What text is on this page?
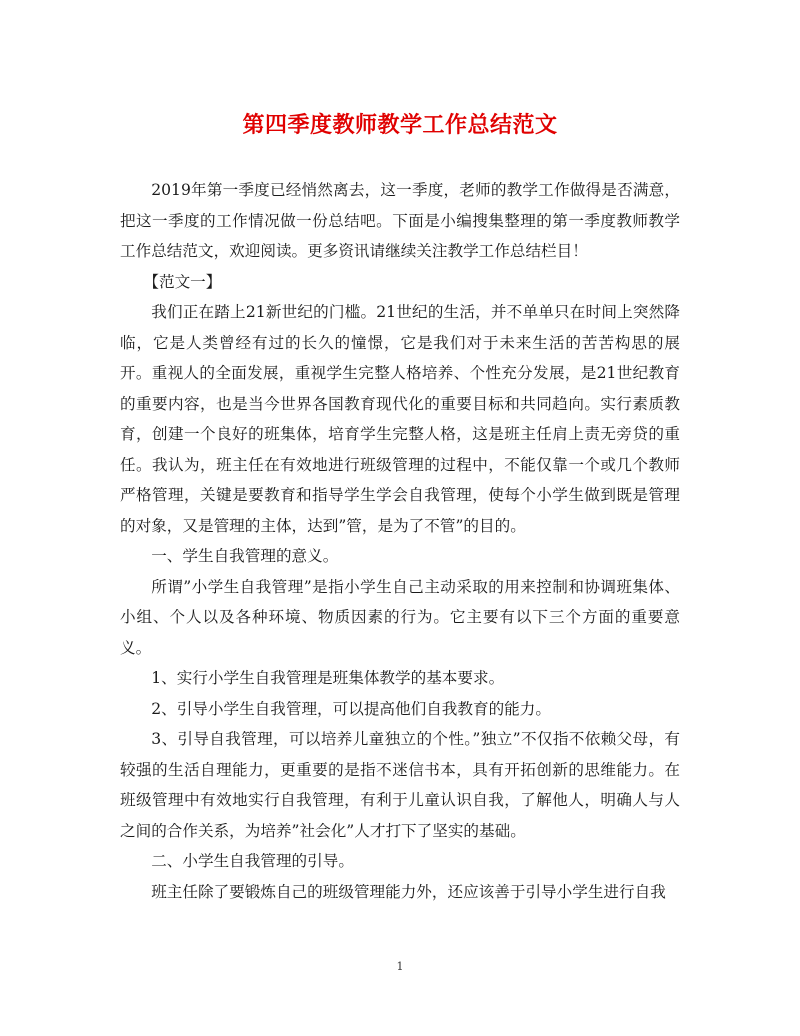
第四季度教师教学工作总结范文

2019年第一季度已经悄然离去，这一季度，老师的教学工作做得是否满意，把这一季度的工作情况做一份总结吧。下面是小编搜集整理的第一季度教师教学工作总结范文，欢迎阅读。更多资讯请继续关注教学工作总结栏目！

【范文一】

我们正在踏上21新世纪的门槛。21世纪的生活，并不单单只在时间上突然降临，它是人类曾经有过的长久的憧憬，它是我们对于未来生活的苦苦构思的展开。重视人的全面发展，重视学生完整人格培养、个性充分发展，是21世纪教育的重要内容，也是当今世界各国教育现代化的重要目标和共同趋向。实行素质教育，创建一个良好的班集体，培育学生完整人格，这是班主任肩上责无旁贷的重任。我认为，班主任在有效地进行班级管理的过程中，不能仅靠一个或几个教师严格管理，关键是要教育和指导学生学会自我管理，使每个小学生做到既是管理的对象，又是管理的主体，达到”管，是为了不管”的目的。

一、学生自我管理的意义。

所谓”小学生自我管理”是指小学生自己主动采取的用来控制和协调班集体、小组、个人以及各种环境、物质因素的行为。它主要有以下三个方面的重要意义。

1、实行小学生自我管理是班集体教学的基本要求。

2、引导小学生自我管理，可以提高他们自我教育的能力。

3、引导自我管理，可以培养儿童独立的个性。”独立”不仅指不依赖父母，有较强的生活自理能力，更重要的是指不迷信书本，具有开拓创新的思维能力。在班级管理中有效地实行自我管理，有利于儿童认识自我，了解他人，明确人与人之间的合作关系，为培养”社会化”人才打下了坚实的基础。

二、小学生自我管理的引导。

班主任除了要锻炼自己的班级管理能力外，还应该善于引导小学生进行自我

1
